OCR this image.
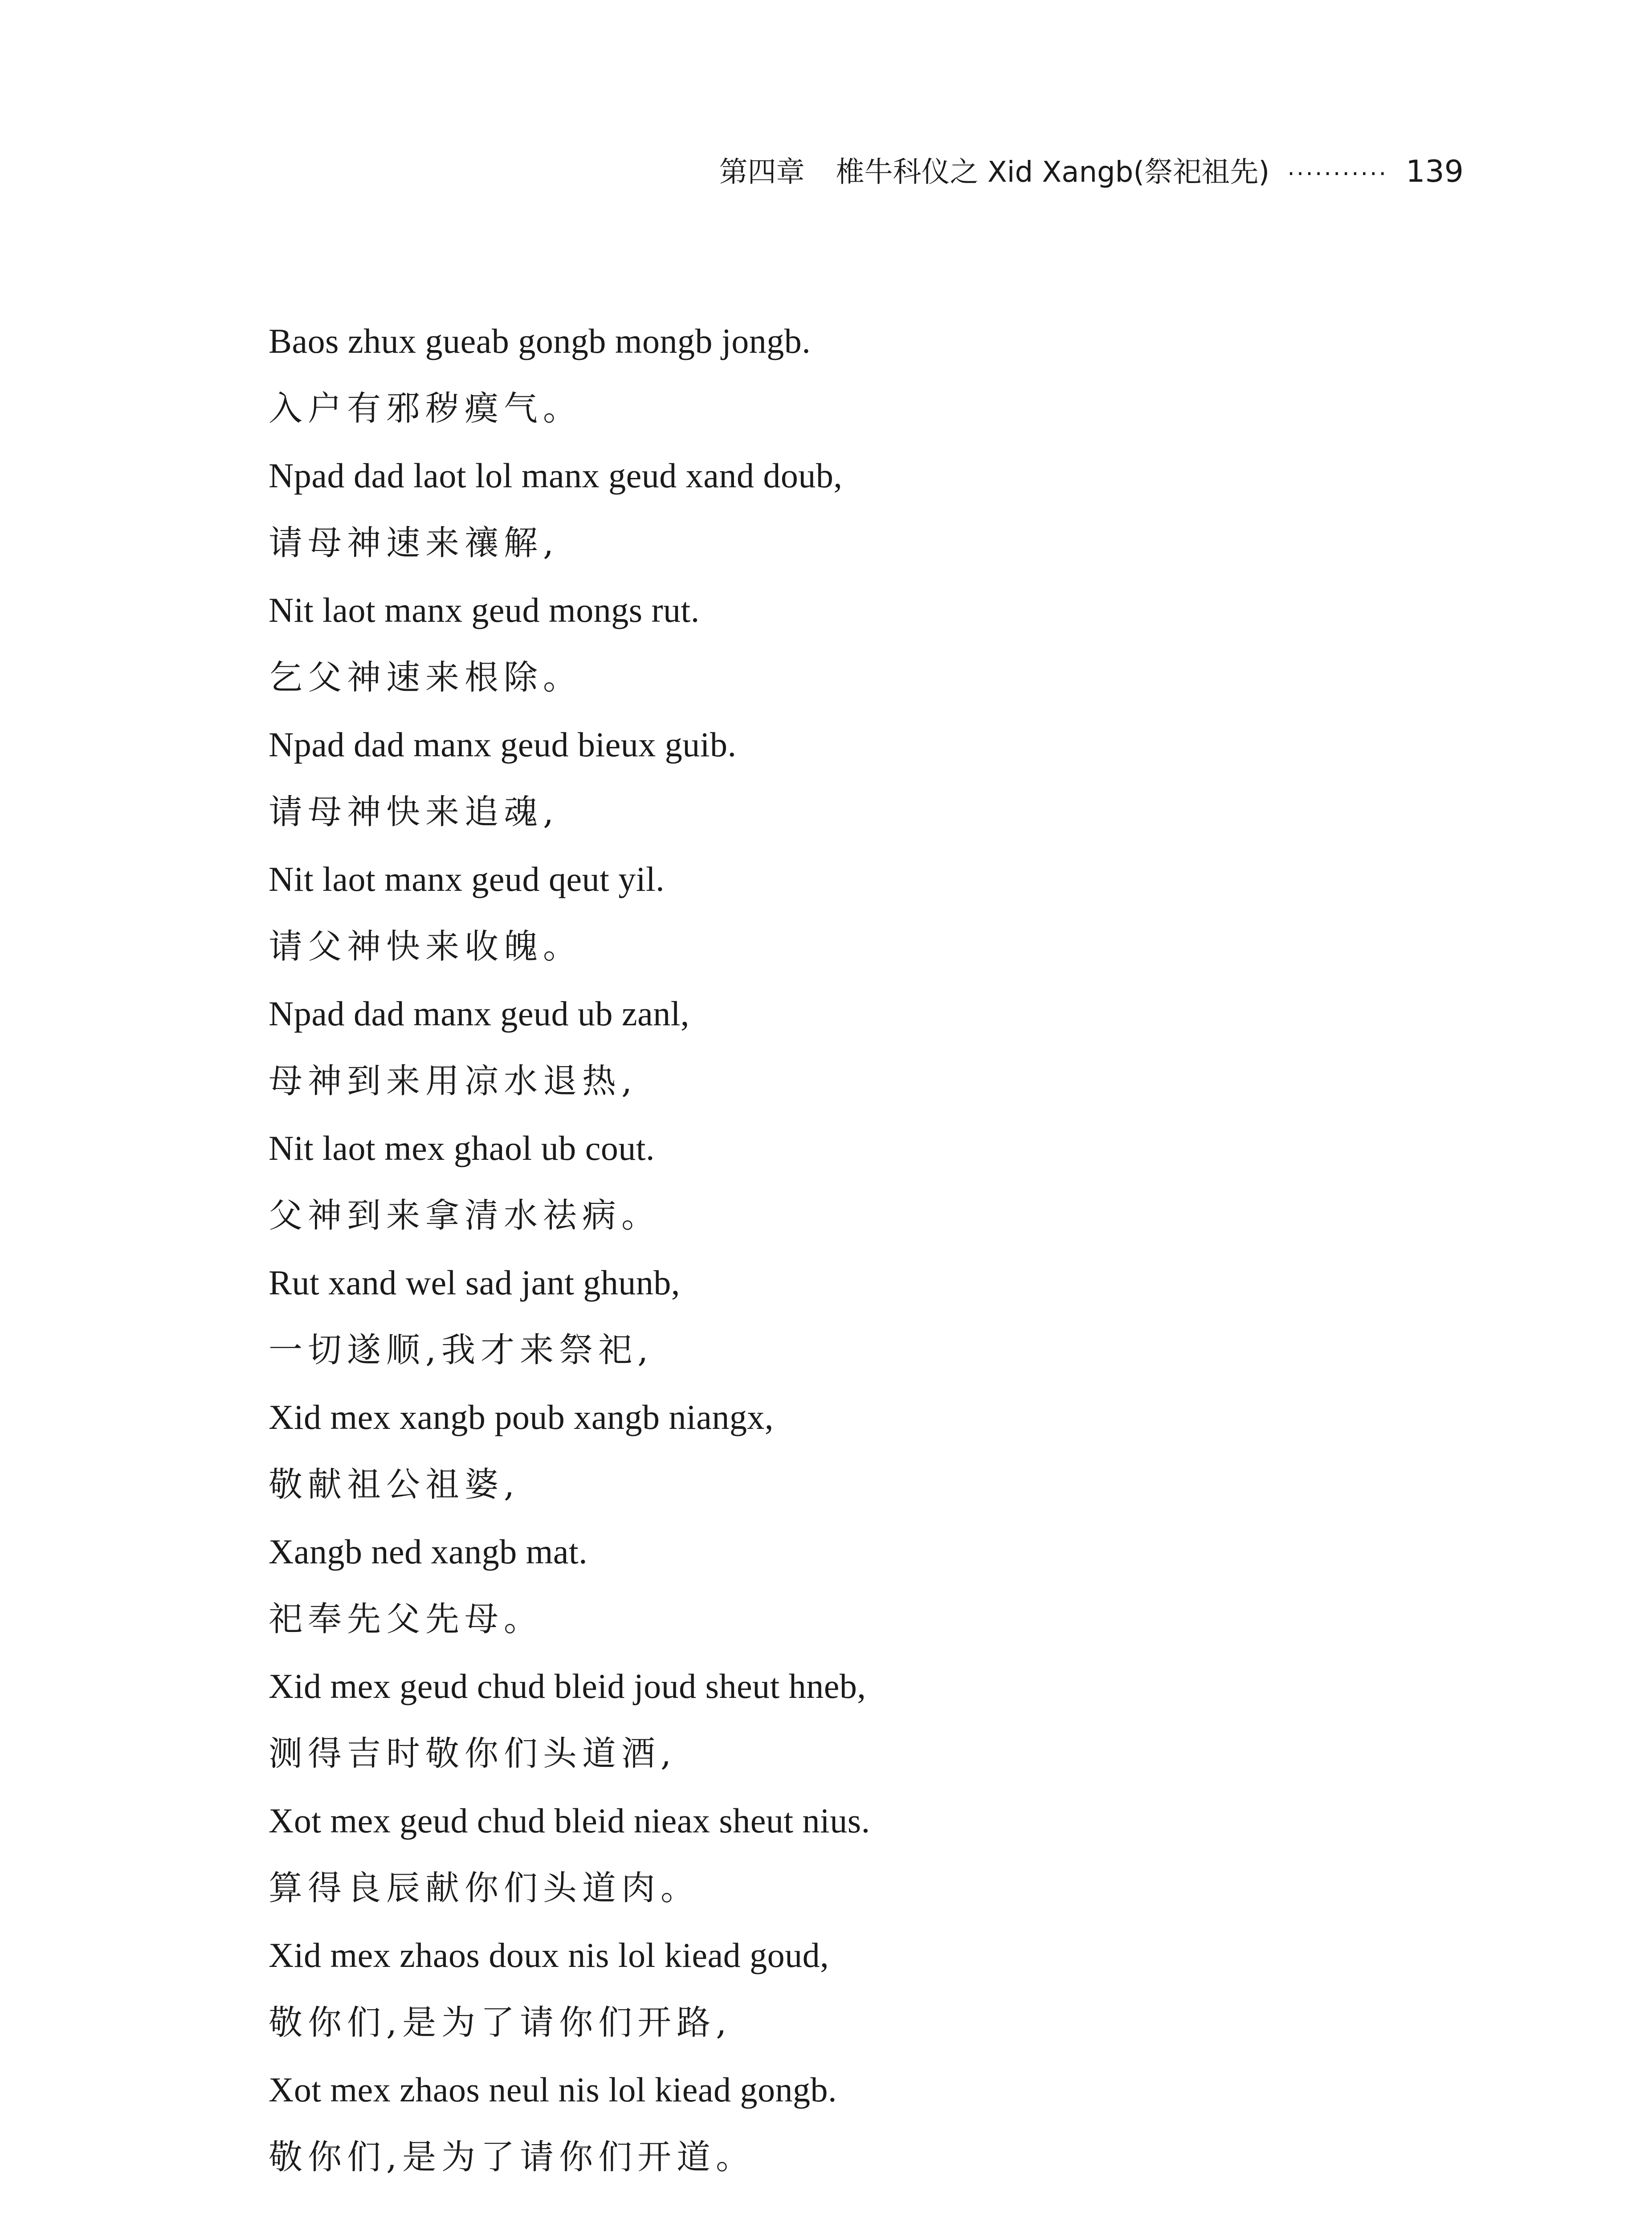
第四章 椎牛科仪之 Xid Xangb(祭祀祖先) ··········· 139
Baos zhux gueab gongb mongb jongb.
入户有邪秽瘼气。
Npad dad laot lol manx geud xand doub,
请母神速来禳解,
Nit laot manx geud mongs rut.
乞父神速来根除。
Npad dad manx geud bieux guib.
请母神快来追魂,
Nit laot manx geud qeut yil.
请父神快来收魄。
Npad dad manx geud ub zanl,
母神到来用凉水退热,
Nit laot mex ghaol ub cout.
父神到来拿清水祛病。
Rut xand wel sad jant ghunb,
一切遂顺,我才来祭祀,
Xid mex xangb poub xangb niangx,
敬献祖公祖婆,
Xangb ned xangb mat.
祀奉先父先母。
Xid mex geud chud bleid joud sheut hneb,
测得吉时敬你们头道酒,
Xot mex geud chud bleid nieax sheut nius.
算得良辰献你们头道肉。
Xid mex zhaos doux nis lol kiead goud,
敬你们,是为了请你们开路,
Xot mex zhaos neul nis lol kiead gongb.
敬你们,是为了请你们开道。
